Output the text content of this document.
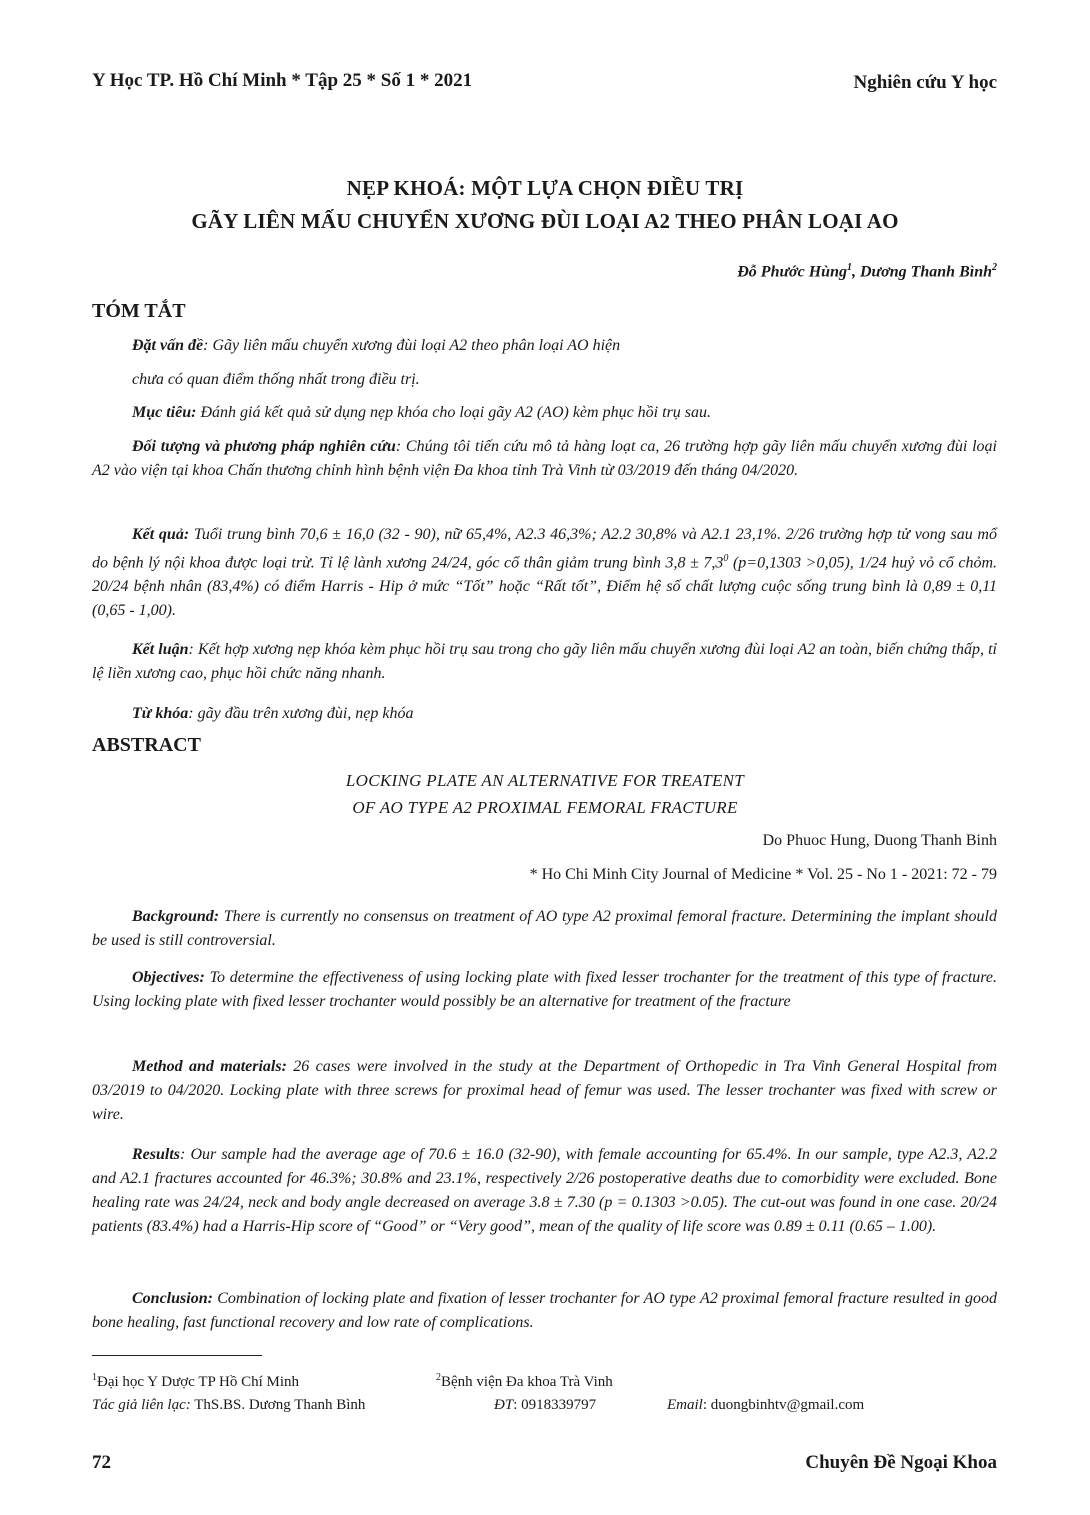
Y Học TP. Hồ Chí Minh * Tập 25 * Số 1 * 2021	Nghiên cứu Y học
NẸP KHOÁ: MỘT LỰA CHỌN ĐIỀU TRỊ
GÃY LIÊN MẤU CHUYỂN XƯƠNG ĐÙI LOẠI A2 THEO PHÂN LOẠI AO
Đỗ Phước Hùng$^1$, Dương Thanh Bình$^2$
TÓM TẮT
Đặt vấn đề: Gãy liên mấu chuyển xương đùi loại A2 theo phân loại AO hiện
chưa có quan điểm thống nhất trong điều trị.
Mục tiêu: Đánh giá kết quả sử dụng nẹp khóa cho loại gãy A2 (AO) kèm phục hồi trụ sau.
Đối tượng và phương pháp nghiên cứu: Chúng tôi tiến cứu mô tả hàng loạt ca, 26 trường hợp gãy liên mấu chuyển xương đùi loại A2 vào viện tại khoa Chấn thương chỉnh hình bệnh viện Đa khoa tỉnh Trà Vinh từ 03/2019 đến tháng 04/2020.
Kết quả: Tuổi trung bình 70,6 ± 16,0 (32 - 90), nữ 65,4%, A2.3 46,3%; A2.2 30,8% và A2.1 23,1%. 2/26 trường hợp tử vong sau mổ do bệnh lý nội khoa được loại trừ. Tỉ lệ lành xương 24/24, góc cổ thân giảm trung bình $3,8 \pm 7,3^0$ (p=0,1303 >0,05), 1/24 huỷ vỏ cổ chỏm. 20/24 bệnh nhân (83,4%) có điểm Harris - Hip ở mức “Tốt” hoặc “Rất tốt”, Điểm hệ số chất lượng cuộc sống trung bình là 0,89 ± 0,11 (0,65 - 1,00).
Kết luận: Kết hợp xương nẹp khóa kèm phục hồi trụ sau trong cho gãy liên mấu chuyển xương đùi loại A2 an toàn, biến chứng thấp, tỉ lệ liền xương cao, phục hồi chức năng nhanh.
Từ khóa: gãy đầu trên xương đùi, nẹp khóa
ABSTRACT
LOCKING PLATE AN ALTERNATIVE FOR TREATENT
OF AO TYPE A2 PROXIMAL FEMORAL FRACTURE
Do Phuoc Hung, Duong Thanh Binh
* Ho Chi Minh City Journal of Medicine * Vol. 25 - No 1 - 2021: 72 - 79
Background: There is currently no consensus on treatment of AO type A2 proximal femoral fracture. Determining the implant should be used is still controversial.
Objectives: To determine the effectiveness of using locking plate with fixed lesser trochanter for the treatment of this type of fracture. Using locking plate with fixed lesser trochanter would possibly be an alternative for treatment of the fracture
Method and materials: 26 cases were involved in the study at the Department of Orthopedic in Tra Vinh General Hospital from 03/2019 to 04/2020. Locking plate with three screws for proximal head of femur was used. The lesser trochanter was fixed with screw or wire.
Results: Our sample had the average age of 70.6 ± 16.0 (32-90), with female accounting for 65.4%. In our sample, type A2.3, A2.2 and A2.1 fractures accounted for 46.3%; 30.8% and 23.1%, respectively 2/26 postoperative deaths due to comorbidity were excluded. Bone healing rate was 24/24, neck and body angle decreased on average 3.8 ± 7.30 (p = 0.1303 >0.05). The cut-out was found in one case. 20/24 patients (83.4%) had a Harris-Hip score of “Good” or “Very good”, mean of the quality of life score was 0.89 ± 0.11 (0.65 – 1.00).
Conclusion: Combination of locking plate and fixation of lesser trochanter for AO type A2 proximal femoral fracture resulted in good bone healing, fast functional recovery and low rate of complications.
$^1$Đại học Y Dược TP Hồ Chí Minh	$^2$Bệnh viện Đa khoa Trà Vinh
Tác giả liên lạc: ThS.BS. Dương Thanh Bình	ĐT: 0918339797	Email: duongbinhtv@gmail.com
72	Chuyên Đề Ngoại Khoa
